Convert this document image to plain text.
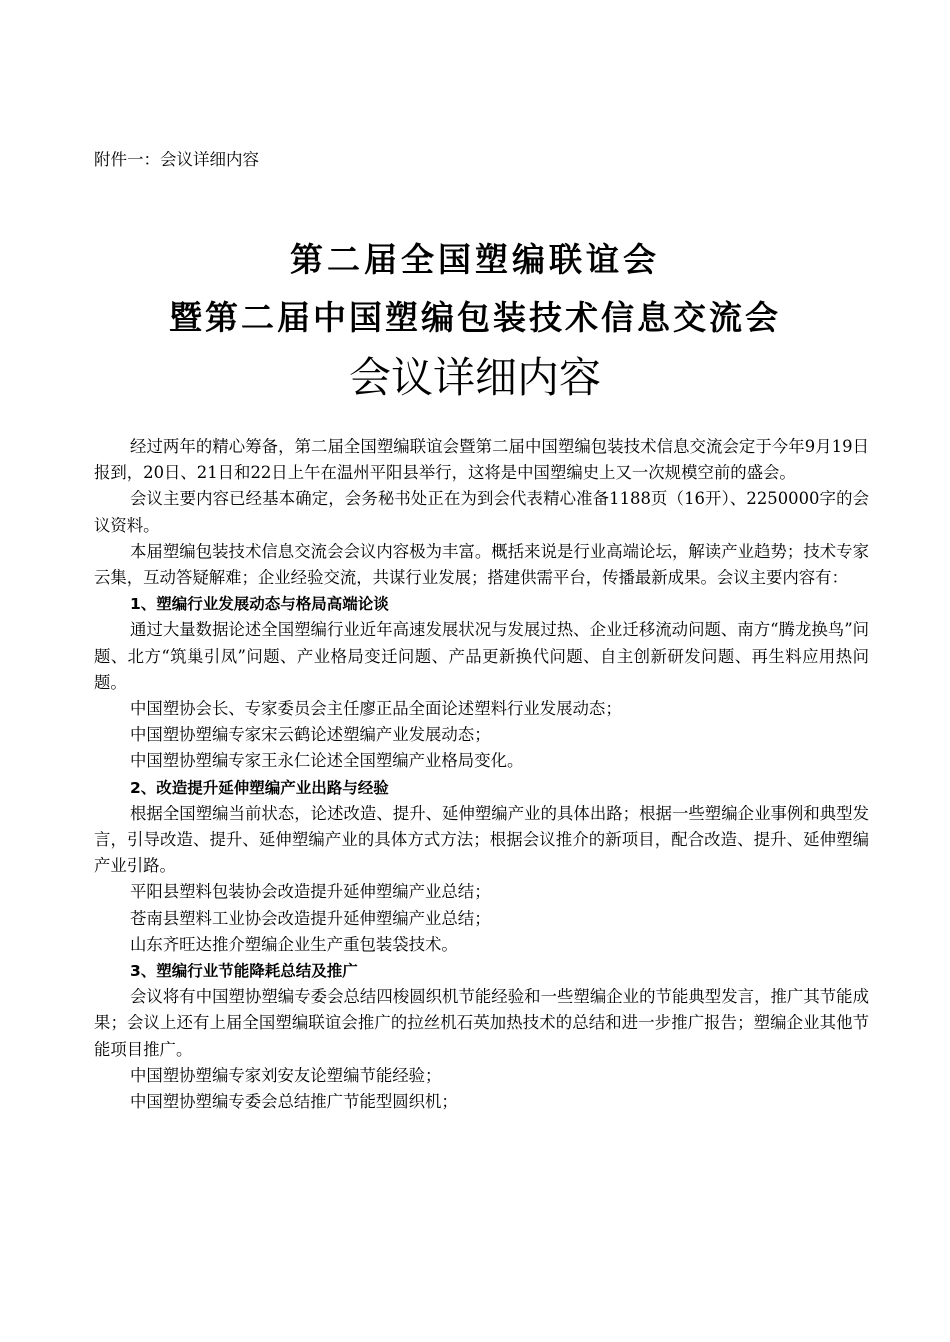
附件一：会议详细内容
第二届全国塑编联谊会
暨第二届中国塑编包装技术信息交流会
会议详细内容

经过两年的精心筹备，第二届全国塑编联谊会暨第二届中国塑编包装技术信息交流会定于今年9月19日报到，20日、21日和22日上午在温州平阳县举行，这将是中国塑编史上又一次规模空前的盛会。

会议主要内容已经基本确定，会务秘书处正在为到会代表精心准备1188页（16开）、2250000字的会议资料。

本届塑编包装技术信息交流会会议内容极为丰富。概括来说是行业高端论坛，解读产业趋势；技术专家云集，互动答疑解难；企业经验交流，共谋行业发展；搭建供需平台，传播最新成果。会议主要内容有：

1、塑编行业发展动态与格局高端论谈

通过大量数据论述全国塑编行业近年高速发展状况与发展过热、企业迁移流动问题、南方“腾龙换鸟”问题、北方“筑巢引凤”问题、产业格局变迁问题、产品更新换代问题、自主创新研发问题、再生料应用热问题。

中国塑协会长、专家委员会主任廖正品全面论述塑料行业发展动态；

中国塑协塑编专家宋云鹤论述塑编产业发展动态；

中国塑协塑编专家王永仁论述全国塑编产业格局变化。

2、改造提升延伸塑编产业出路与经验

根据全国塑编当前状态，论述改造、提升、延伸塑编产业的具体出路；根据一些塑编企业事例和典型发言，引导改造、提升、延伸塑编产业的具体方式方法；根据会议推介的新项目，配合改造、提升、延伸塑编产业引路。

平阳县塑料包装协会改造提升延伸塑编产业总结；

苍南县塑料工业协会改造提升延伸塑编产业总结；

山东齐旺达推介塑编企业生产重包装袋技术。

3、塑编行业节能降耗总结及推广

会议将有中国塑协塑编专委会总结四梭圆织机节能经验和一些塑编企业的节能典型发言，推广其节能成果；会议上还有上届全国塑编联谊会推广的拉丝机石英加热技术的总结和进一步推广报告；塑编企业其他节能项目推广。

中国塑协塑编专家刘安友论塑编节能经验；

中国塑协塑编专委会总结推广节能型圆织机；
